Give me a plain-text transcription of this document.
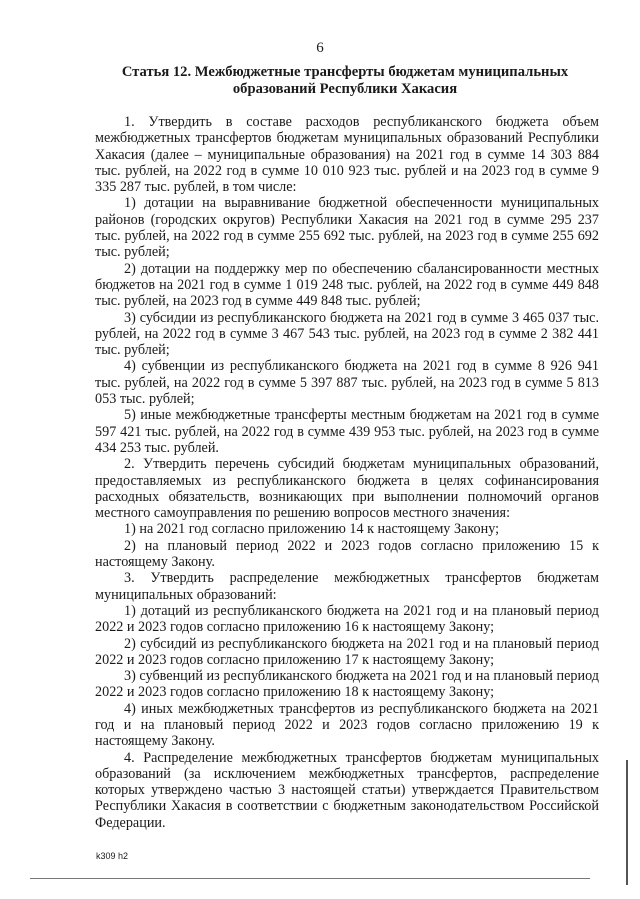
6
Статья 12. Межбюджетные трансферты бюджетам муниципальных
образований Республики Хакасия

1. Утвердить в составе расходов республиканского бюджета объем межбюджетных трансфертов бюджетам муниципальных образований Республики Хакасия (далее – муниципальные образования) на 2021 год в сумме 14 303 884 тыс. рублей, на 2022 год в сумме 10 010 923 тыс. рублей и на 2023 год в сумме 9 335 287 тыс. рублей, в том числе:

1) дотации на выравнивание бюджетной обеспеченности муниципальных районов (городских округов) Республики Хакасия на 2021 год в сумме 295 237 тыс. рублей, на 2022 год в сумме 255 692 тыс. рублей, на 2023 год в сумме 255 692 тыс. рублей;

2) дотации на поддержку мер по обеспечению сбалансированности местных бюджетов на 2021 год в сумме 1 019 248 тыс. рублей, на 2022 год в сумме 449 848 тыс. рублей, на 2023 год в сумме 449 848 тыс. рублей;

3) субсидии из республиканского бюджета на 2021 год в сумме 3 465 037 тыс. рублей, на 2022 год в сумме 3 467 543 тыс. рублей, на 2023 год в сумме 2 382 441 тыс. рублей;

4) субвенции из республиканского бюджета на 2021 год в сумме 8 926 941 тыс. рублей, на 2022 год в сумме 5 397 887 тыс. рублей, на 2023 год в сумме 5 813 053 тыс. рублей;

5) иные межбюджетные трансферты местным бюджетам на 2021 год в сумме 597 421 тыс. рублей, на 2022 год в сумме 439 953 тыс. рублей, на 2023 год в сумме 434 253 тыс. рублей.

2. Утвердить перечень субсидий бюджетам муниципальных образований, предоставляемых из республиканского бюджета в целях софинансирования расходных обязательств, возникающих при выполнении полномочий органов местного самоуправления по решению вопросов местного значения:

1) на 2021 год согласно приложению 14 к настоящему Закону;

2) на плановый период 2022 и 2023 годов согласно приложению 15 к настоящему Закону.

3. Утвердить распределение межбюджетных трансфертов бюджетам муниципальных образований:

1) дотаций из республиканского бюджета на 2021 год и на плановый период 2022 и 2023 годов согласно приложению 16 к настоящему Закону;

2) субсидий из республиканского бюджета на 2021 год и на плановый период 2022 и 2023 годов согласно приложению 17 к настоящему Закону;

3) субвенций из республиканского бюджета на 2021 год и на плановый период 2022 и 2023 годов согласно приложению 18 к настоящему Закону;

4) иных межбюджетных трансфертов из республиканского бюджета на 2021 год и на плановый период 2022 и 2023 годов согласно приложению 19 к настоящему Закону.

4. Распределение межбюджетных трансфертов бюджетам муниципальных образований (за исключением межбюджетных трансфертов, распределение которых утверждено частью 3 настоящей статьи) утверждается Правительством Республики Хакасия в соответствии с бюджетным законодательством Российской Федерации.

k309 h2
